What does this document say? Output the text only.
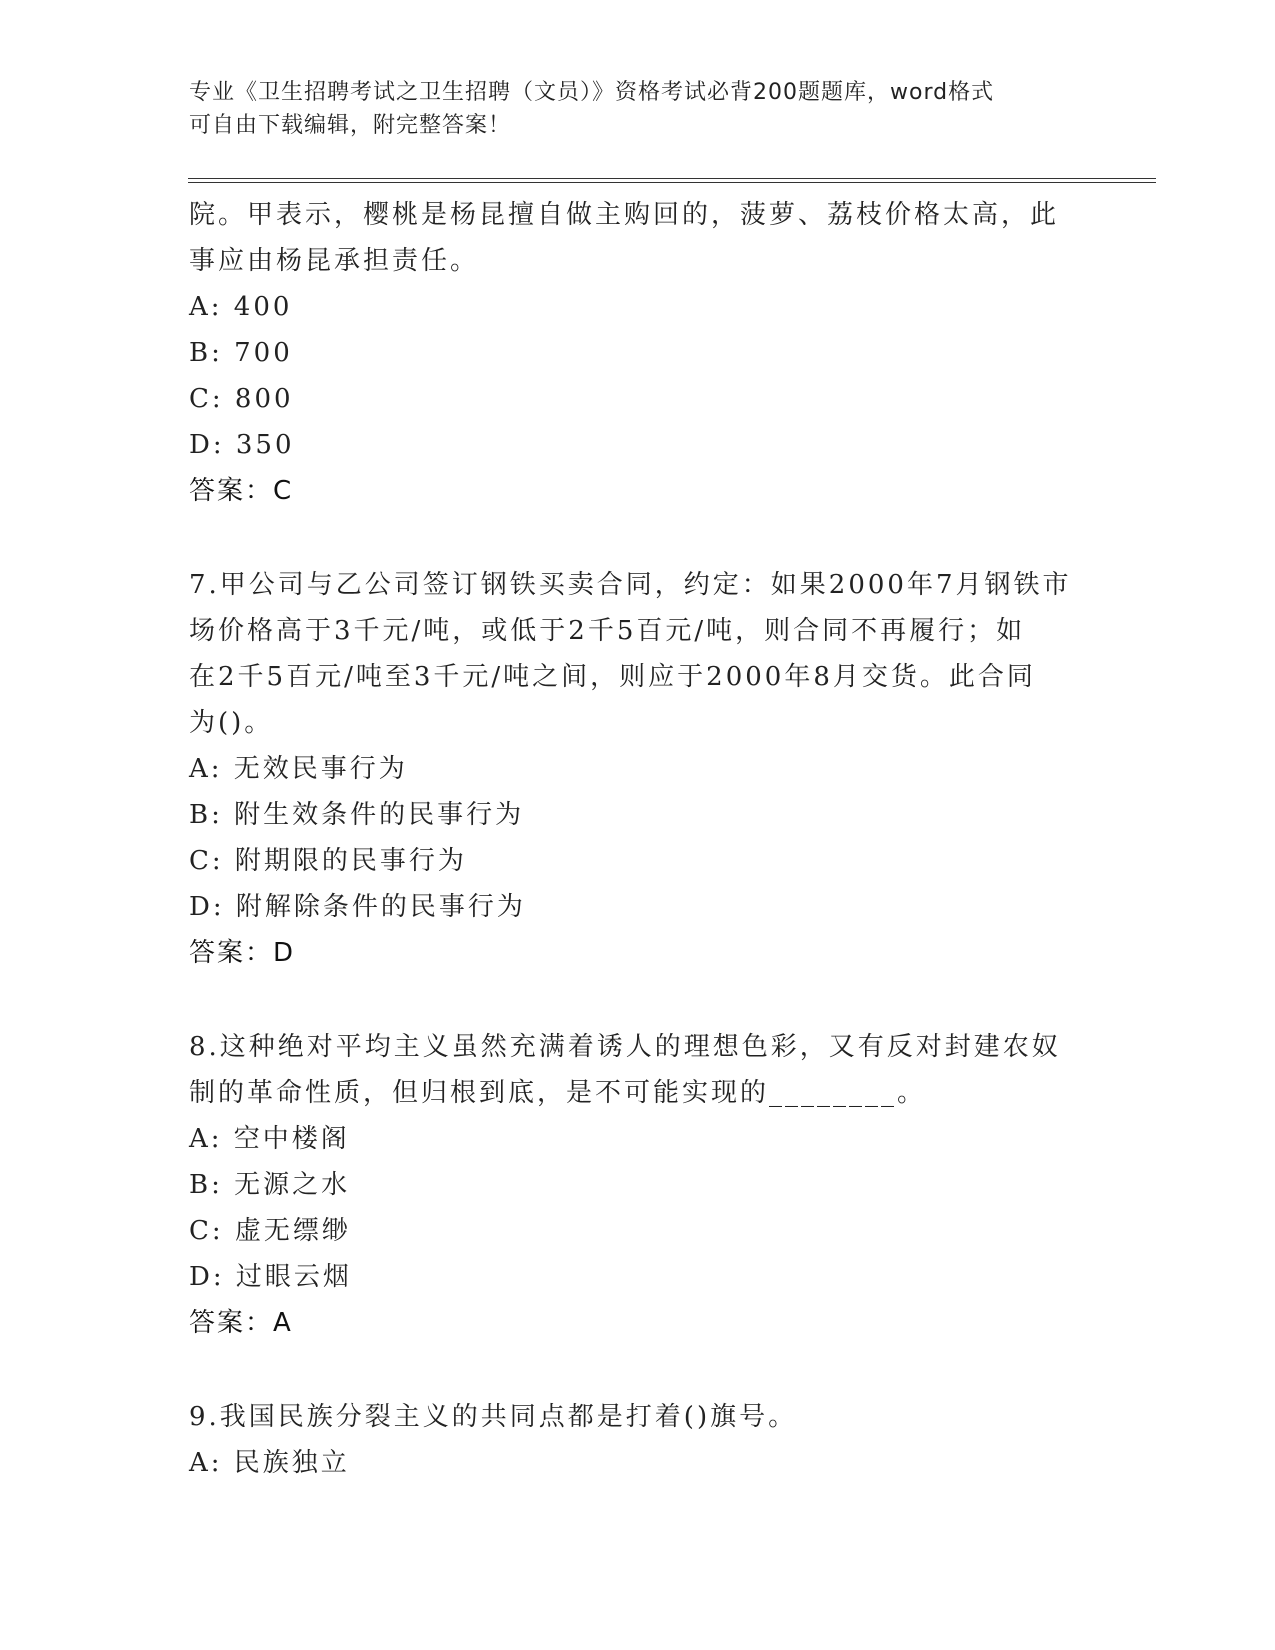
专业《卫生招聘考试之卫生招聘（文员）》资格考试必背200题题库，word格式
可自由下载编辑，附完整答案！
院。甲表示，樱桃是杨昆擅自做主购回的，菠萝、荔枝价格太高，此
事应由杨昆承担责任。
A: 400
B: 700
C: 800
D: 350
答案：C
7.甲公司与乙公司签订钢铁买卖合同，约定：如果2000年7月钢铁市
场价格高于3千元/吨，或低于2千5百元/吨，则合同不再履行；如
在2千5百元/吨至3千元/吨之间，则应于2000年8月交货。此合同
为()。
A: 无效民事行为
B: 附生效条件的民事行为
C: 附期限的民事行为
D: 附解除条件的民事行为
答案：D
8.这种绝对平均主义虽然充满着诱人的理想色彩，又有反对封建农奴
制的革命性质，但归根到底，是不可能实现的________。
A: 空中楼阁
B: 无源之水
C: 虚无缥缈
D: 过眼云烟
答案：A
9.我国民族分裂主义的共同点都是打着()旗号。
A: 民族独立
